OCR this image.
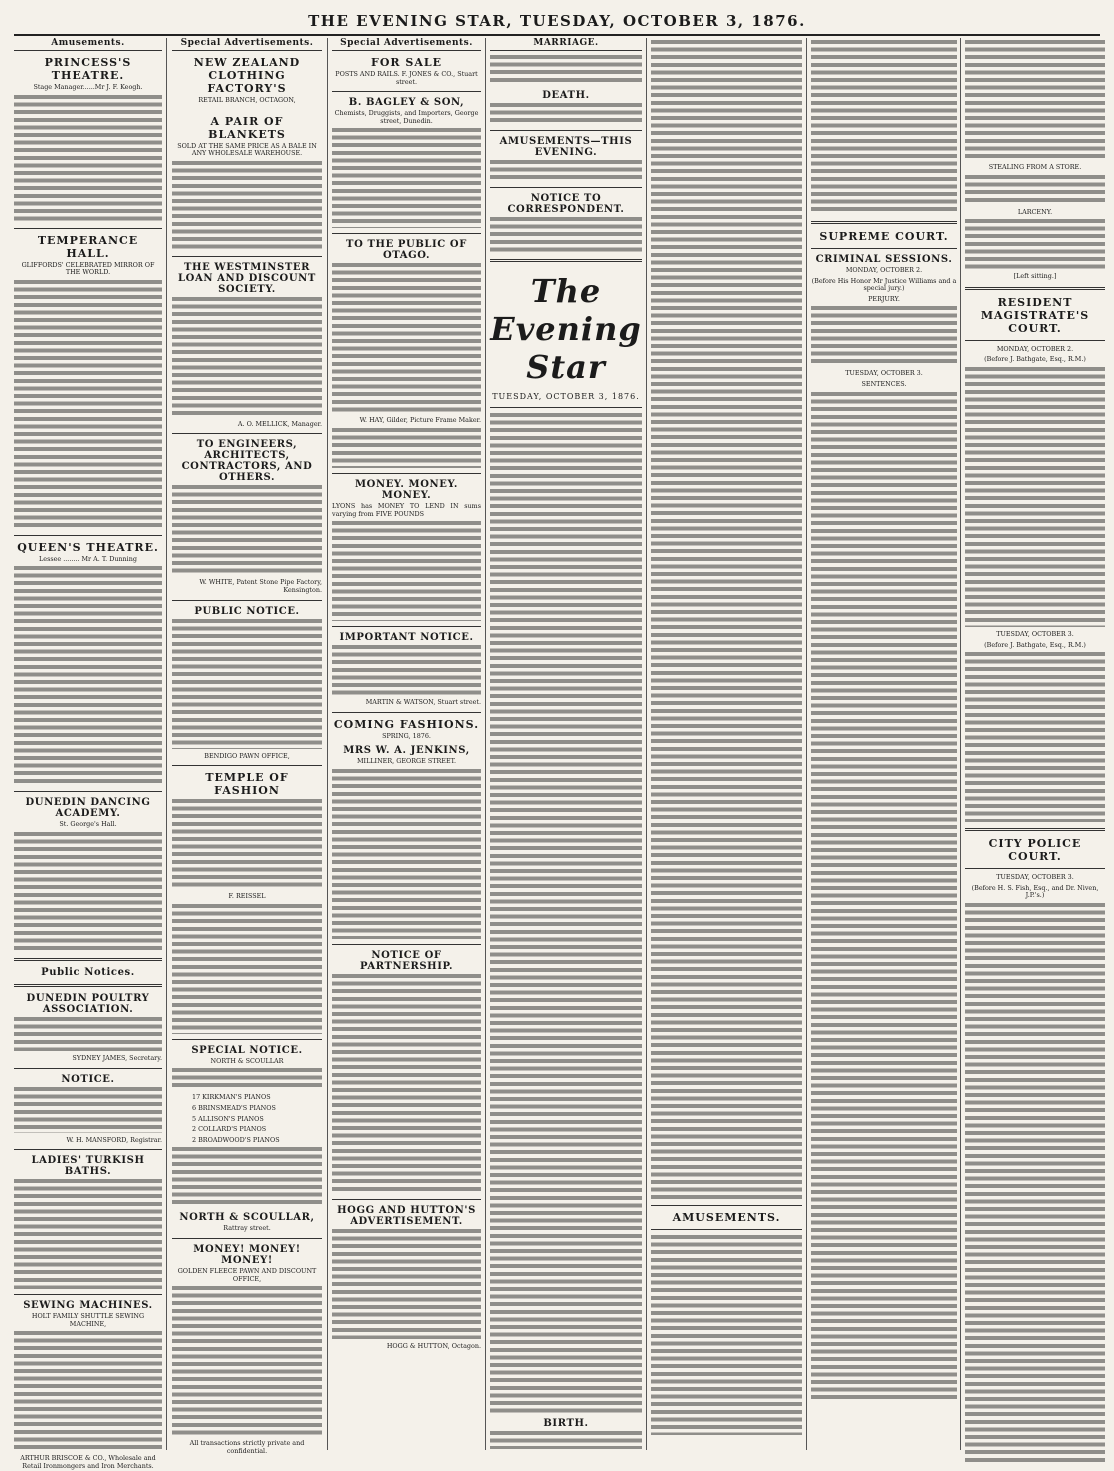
THE EVENING STAR, TUESDAY, OCTOBER 3, 1876.
Amusements.
PRINCESS'S THEATRE.
Stage Manager......Mr J. F. Keogh.
TEMPERANCE HALL.
GLIFFORDS' CELEBRATED MIRROR OF THE WORLD.
QUEEN'S THEATRE.
Lessee ........ Mr A. T. Dunning
DUNEDIN DANCING ACADEMY.
St. George's Hall.
Public Notices.
DUNEDIN POULTRY ASSOCIATION.
SYDNEY JAMES, Secretary.
NOTICE.
W. H. MANSFORD, Registrar.
LADIES' TURKISH BATHS.
SEWING MACHINES.
HOLT FAMILY SHUTTLE SEWING MACHINE,
ARTHUR BRISCOE & CO., Wholesale and Retail Ironmongers and Iron Merchants.
Special Advertisements.
NEW ZEALAND CLOTHING FACTORY'S
RETAIL BRANCH, OCTAGON,
A PAIR OF BLANKETS
SOLD AT THE SAME PRICE AS A BALE IN ANY WHOLESALE WAREHOUSE.
THE WESTMINSTER LOAN AND DISCOUNT SOCIETY.
A. O. MELLICK, Manager.
TO ENGINEERS, ARCHITECTS, CONTRACTORS, AND OTHERS.
W. WHITE, Patent Stone Pipe Factory, Kensington.
PUBLIC NOTICE.
BENDIGO PAWN OFFICE,
TEMPLE OF FASHION
F. REISSEL
SPECIAL NOTICE.
NORTH & SCOULLAR
17 KIRKMAN'S PIANOS
6 BRINSMEAD'S PIANOS
5 ALLISON'S PIANOS
2 COLLARD'S PIANOS
2 BROADWOOD'S PIANOS
NORTH & SCOULLAR,
Rattray street.
MONEY! MONEY! MONEY!
GOLDEN FLEECE PAWN AND DISCOUNT OFFICE,
All transactions strictly private and confidential.
Special Advertisements.
FOR SALE
POSTS AND RAILS. F. JONES & CO., Stuart street.
B. BAGLEY & SON,
Chemists, Druggists, and Importers, George street, Dunedin.
TO THE PUBLIC OF OTAGO.
W. HAY, Gilder, Picture Frame Maker.
MONEY. MONEY. MONEY.
LYONS has MONEY TO LEND IN sums varying from FIVE POUNDS
IMPORTANT NOTICE.
MARTIN & WATSON, Stuart street.
COMING FASHIONS.
SPRING, 1876.
MRS W. A. JENKINS,
MILLINER, GEORGE STREET.
NOTICE OF PARTNERSHIP.
HOGG AND HUTTON'S ADVERTISEMENT.
HOGG & HUTTON, Octagon.
MARRIAGE.
DEATH.
AMUSEMENTS—THIS EVENING.
NOTICE TO CORRESPONDENT.
The Evening Star
TUESDAY, OCTOBER 3, 1876.
BIRTH.
AMUSEMENTS.
SUPREME COURT.
CRIMINAL SESSIONS.
MONDAY, OCTOBER 2.
(Before His Honor Mr Justice Williams and a special jury.)
PERJURY.
TUESDAY, OCTOBER 3.
SENTENCES.
STEALING FROM A STORE.
LARCENY.
[Left sitting.]
RESIDENT MAGISTRATE'S COURT.
MONDAY, OCTOBER 2.
(Before J. Bathgate, Esq., R.M.)
TUESDAY, OCTOBER 3.
(Before J. Bathgate, Esq., R.M.)
CITY POLICE COURT.
TUESDAY, OCTOBER 3.
(Before H. S. Fish, Esq., and Dr. Niven, J.P.'s.)
